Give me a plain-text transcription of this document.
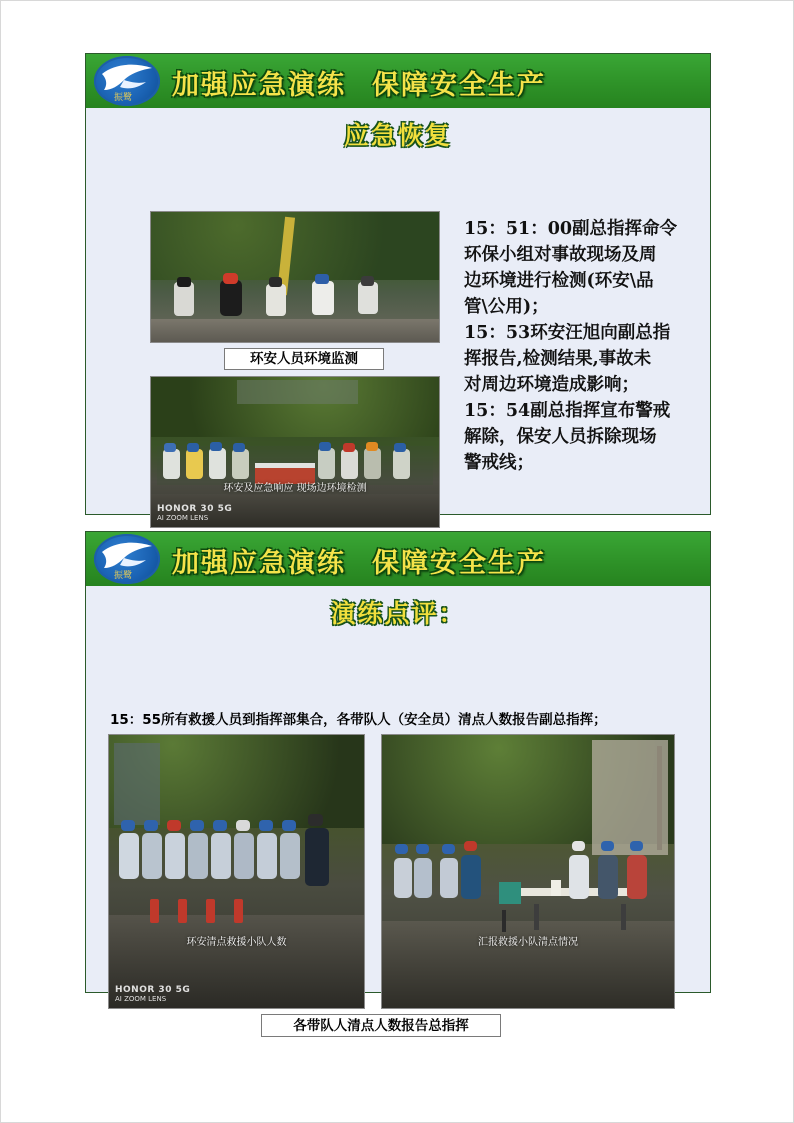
振鹭 加强应急演练 保障安全生产
应急恢复
环安人员环境监测
环安及应急响应 现场边环境检测
HONOR 30 5G
AI ZOOM LENS

15：51：00副总指挥命令

环保小组对事故现场及周

边环境进行检测(环安\品

管\公用)；

15：53环安汪旭向副总指

挥报告,检测结果,事故未

对周边环境造成影响；

15：54副总指挥宣布警戒

解除，保安人员拆除现场

警戒线；

振鹭 加强应急演练 保障安全生产
演练点评：
15：55所有救援人员到指挥部集合，各带队人（安全员）清点人数报告副总指挥；
环安清点救援小队人数
HONOR 30 5G
AI ZOOM LENS
汇报救援小队清点情况
各带队人清点人数报告总指挥
